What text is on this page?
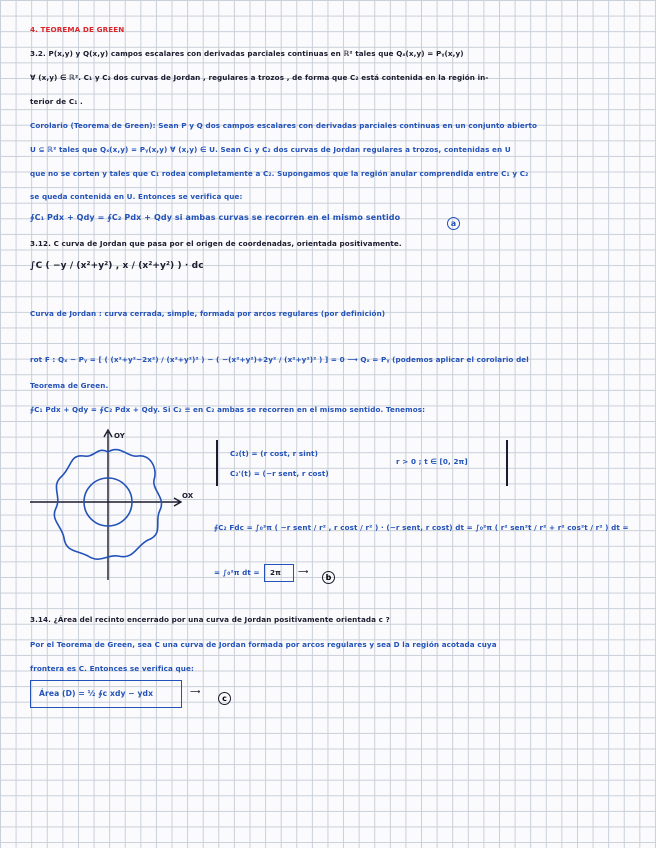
4. TEOREMA DE GREEN
3.2. P(x,y) y Q(x,y) campos escalares con derivadas parciales continuas en ℝ² tales que Qₓ(x,y) = Pᵧ(x,y)
∀ (x,y) ∈ ℝ². C₁ y C₂ dos curvas de Jordan , regulares a trozos , de forma que C₂ está contenida en la región in-
terior de C₁ .
Corolario (Teorema de Green): Sean P y Q dos campos escalares con derivadas parciales continuas en un conjunto abierto
U ⊆ ℝ² tales que Qₓ(x,y) = Pᵧ(x,y) ∀ (x,y) ∈ U. Sean C₁ y C₂ dos curvas de Jordan regulares a trozos, contenidas en U
que no se corten y tales que C₁ rodea completamente a C₂. Supongamos que la región anular comprendida entre C₁ y C₂
se queda contenida en U. Entonces se verifica que:
∮C₁ Pdx + Qdy = ∮C₂ Pdx + Qdy si ambas curvas se recorren en el mismo sentido
a
3.12. C curva de Jordan que pasa por el origen de coordenadas, orientada positivamente.
∫C ( −y / (x²+y²) , x / (x²+y²) ) · dc
Curva de Jordan : curva cerrada, simple, formada por arcos regulares (por definición)
rot F : Qₓ − Pᵧ = [ ( (x²+y²−2x²) / (x²+y²)² ) − ( −(x²+y²)+2y² / (x²+y²)² ) ] = 0 ⟶ Qₓ = Pᵧ (podemos aplicar el corolario del
Teorema de Green.
∮C₁ Pdx + Qdy = ∮C₂ Pdx + Qdy. Si C₂ ≡ en C₂ ambas se recorren en el mismo sentido. Tenemos:
OY
OX
C₂(t) = (r cost, r sint)
C₂'(t) = (−r sent, r cost)
r > 0 ; t ∈ [0, 2π]
∮C₂ Fdc = ∫₀²π ( −r sent / r² , r cost / r² ) · (−r sent, r cost) dt = ∫₀²π ( r² sen²t / r² + r² cos²t / r² ) dt =
= ∫₀²π dt = 2π ⟶
b
3.14. ¿Área del recinto encerrado por una curva de Jordan positivamente orientada c ?
Por el Teorema de Green, sea C una curva de Jordan formada por arcos regulares y sea D la región acotada cuya
frontera es C. Entonces se verifica que:
Área (D) = ½ ∮c xdy − ydx	⟶
c
